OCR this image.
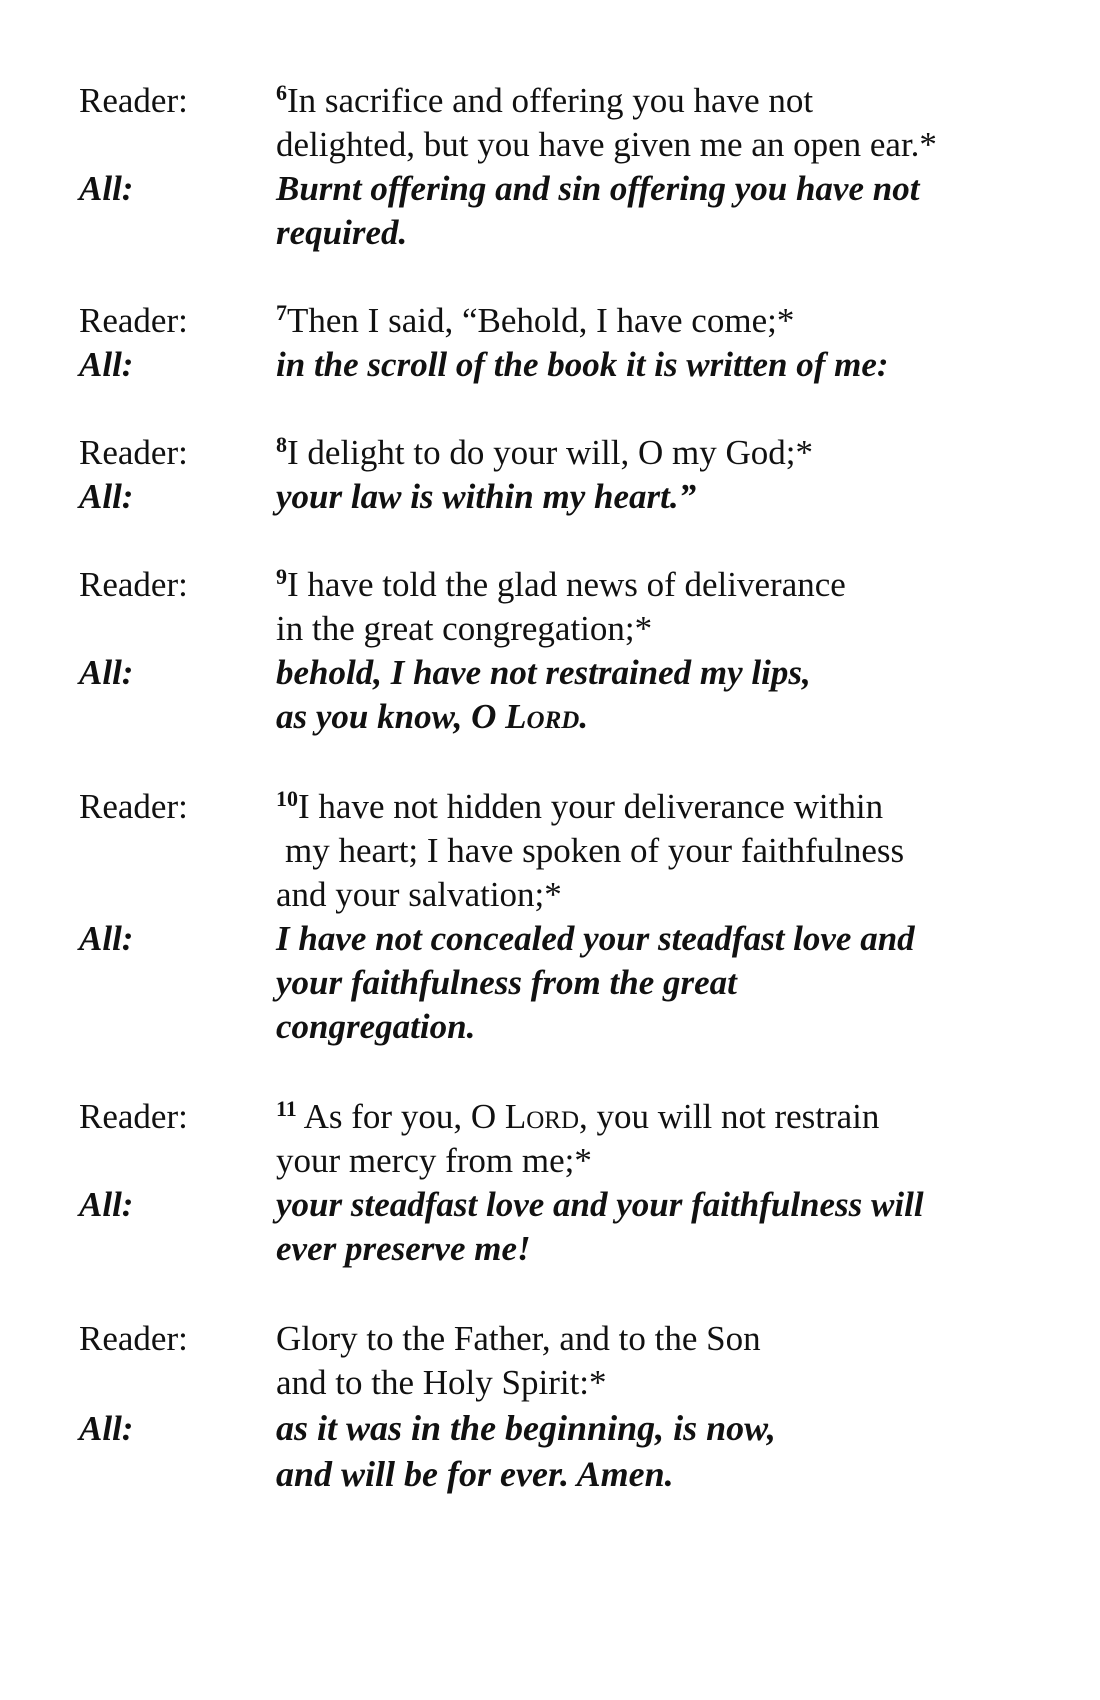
Reader:	$^6$In sacrifice and offering you have not
delighted, but you have given me an open ear.*
All:	Burnt offering and sin offering you have not
required.
Reader:	$^7$Then I said, “Behold, I have come;*
All:	in the scroll of the book it is written of me:
Reader:	$^8$I delight to do your will, O my God;*
All:	your law is within my heart.”
Reader:	$^9$I have told the glad news of deliverance
in the great congregation;*
All:	behold, I have not restrained my lips,
as you know, O Lord.
Reader:	$^{10}$I have not hidden your deliverance within
my heart; I have spoken of your faithfulness
and your salvation;*
All:	I have not concealed your steadfast love and
your faithfulness from the great
congregation.
Reader:	$^{11}$ As for you, O Lord, you will not restrain
your mercy from me;*
All:	your steadfast love and your faithfulness will
ever preserve me!
Reader:	Glory to the Father, and to the Son
and to the Holy Spirit:*
All:	as it was in the beginning, is now,
and will be for ever. Amen.
